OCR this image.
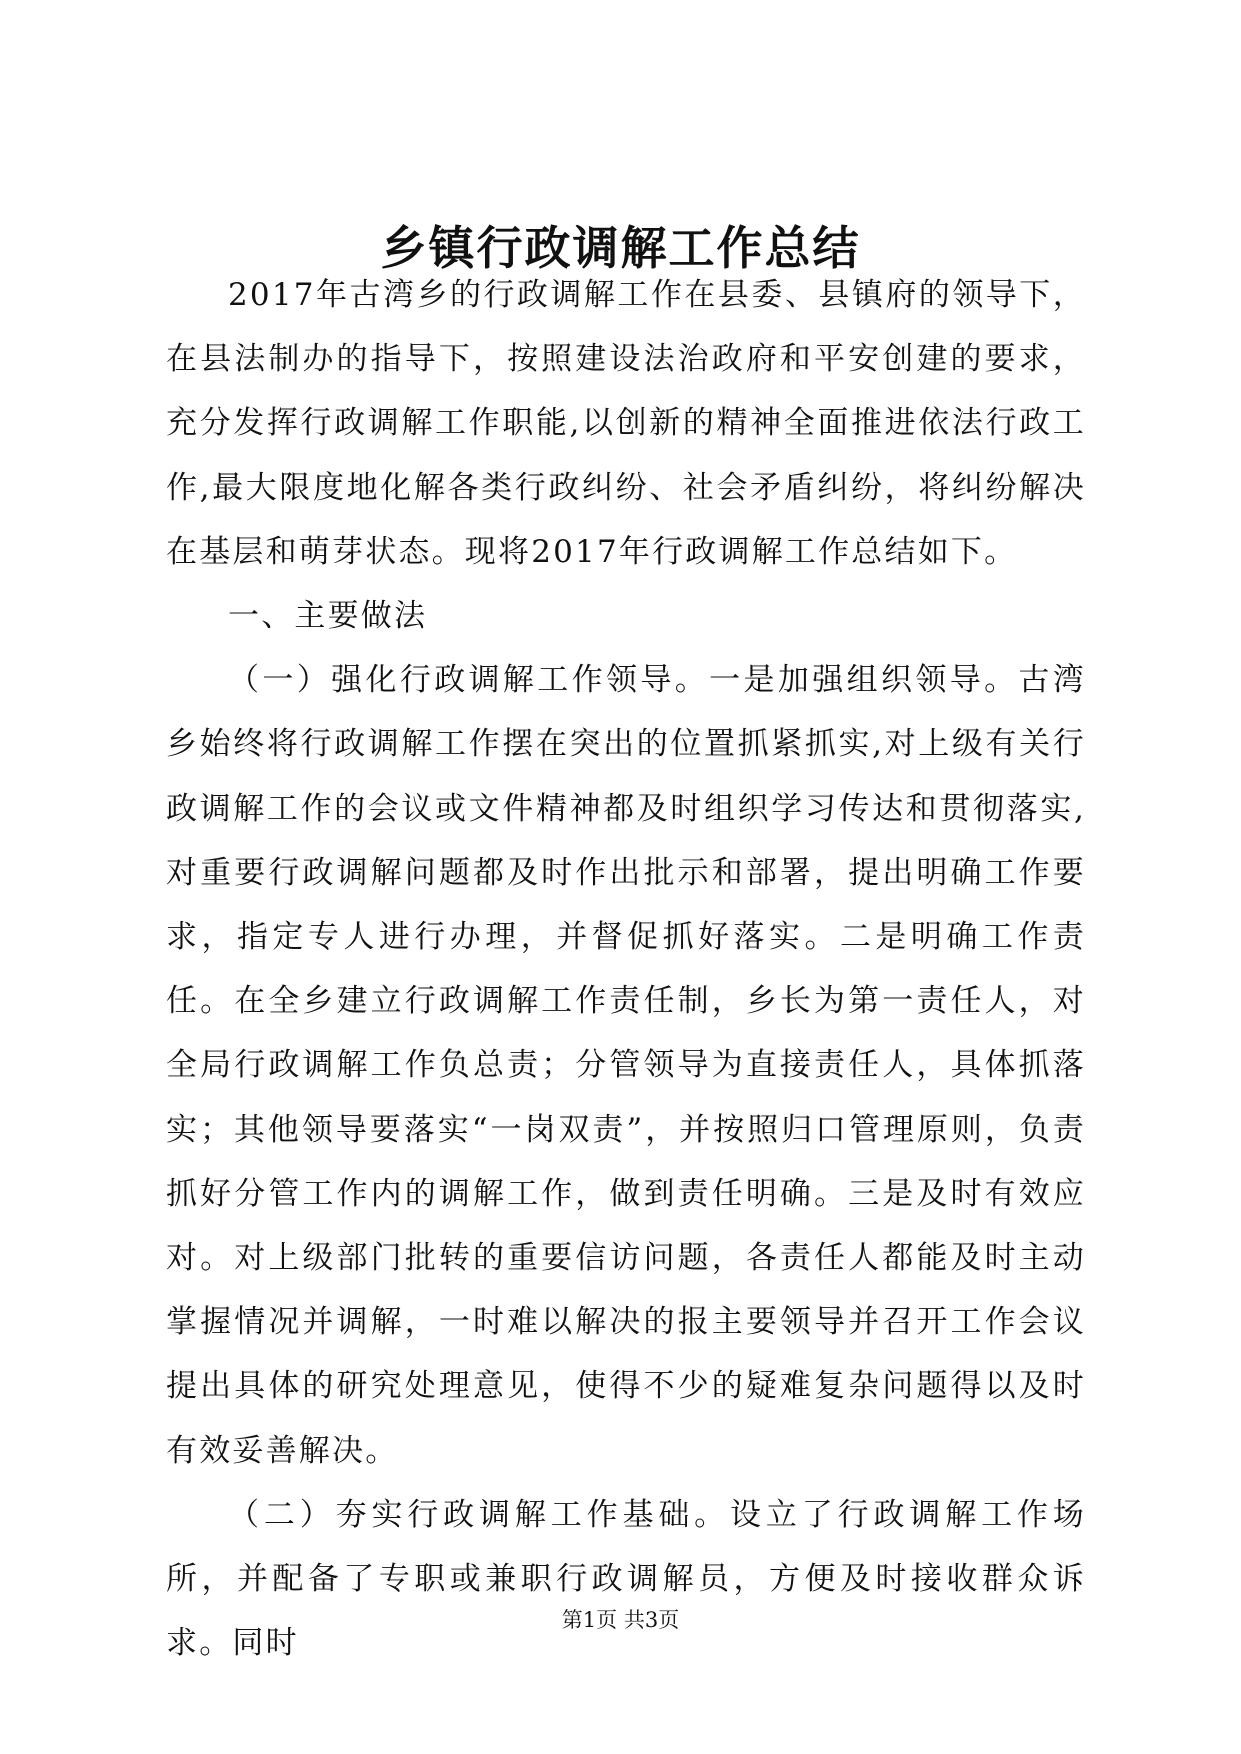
乡镇行政调解工作总结

2017年古湾乡的行政调解工作在县委、县镇府的领导下，在县法制办的指导下，按照建设法治政府和平安创建的要求，充分发挥行政调解工作职能,以创新的精神全面推进依法行政工作,最大限度地化解各类行政纠纷、社会矛盾纠纷，将纠纷解决在基层和萌芽状态。现将2017年行政调解工作总结如下。

一、主要做法

（一）强化行政调解工作领导。一是加强组织领导。古湾乡始终将行政调解工作摆在突出的位置抓紧抓实,对上级有关行政调解工作的会议或文件精神都及时组织学习传达和贯彻落实,对重要行政调解问题都及时作出批示和部署，提出明确工作要求，指定专人进行办理，并督促抓好落实。二是明确工作责任。在全乡建立行政调解工作责任制，乡长为第一责任人，对全局行政调解工作负总责；分管领导为直接责任人，具体抓落实；其他领导要落实“一岗双责”，并按照归口管理原则，负责抓好分管工作内的调解工作，做到责任明确。三是及时有效应对。对上级部门批转的重要信访问题，各责任人都能及时主动掌握情况并调解，一时难以解决的报主要领导并召开工作会议提出具体的研究处理意见，使得不少的疑难复杂问题得以及时有效妥善解决。

（二）夯实行政调解工作基础。设立了行政调解工作场所，并配备了专职或兼职行政调解员，方便及时接收群众诉求。同时

第1页 共3页
